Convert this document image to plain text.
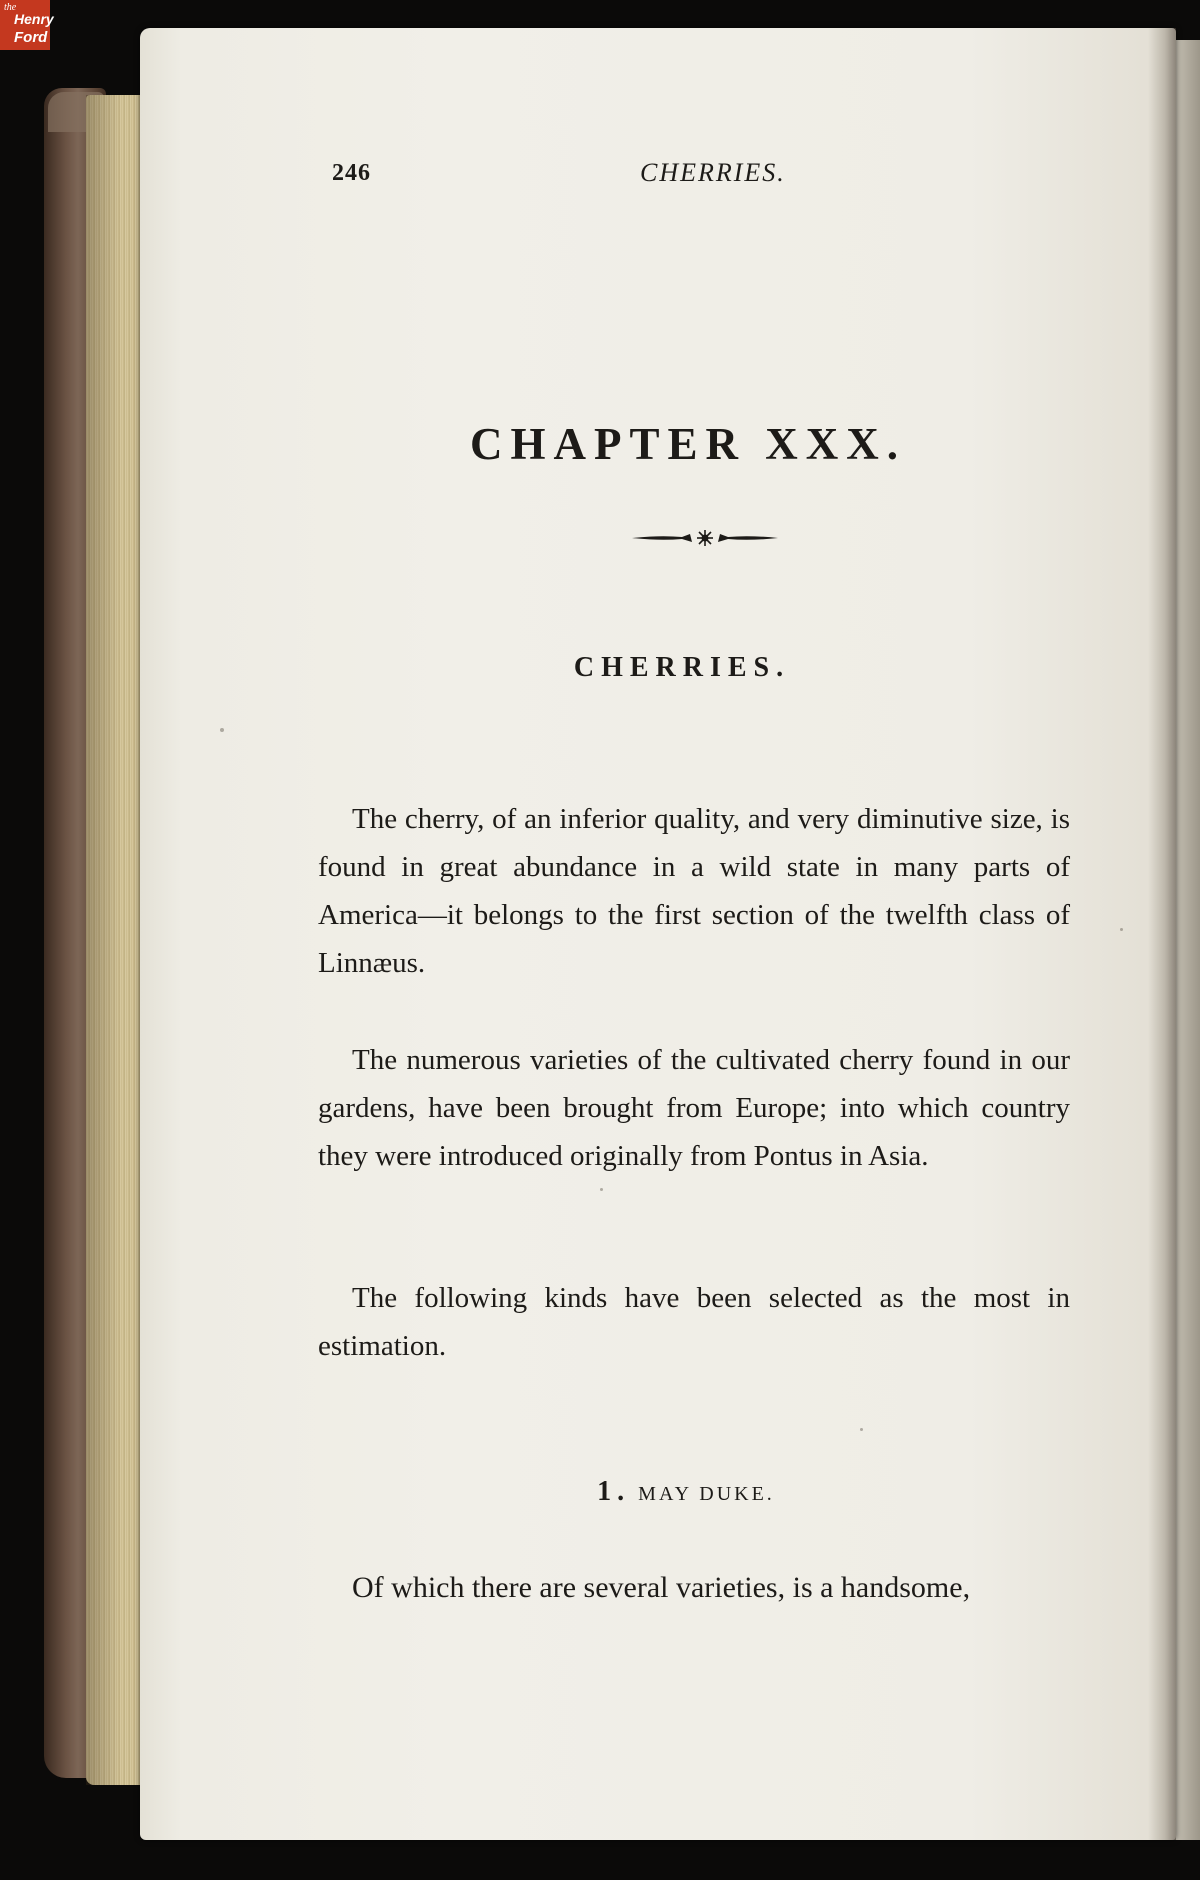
the
Henry
Ford

246	CHERRIES.

CHAPTER XXX.
CHERRIES.

The cherry, of an inferior quality, and very diminutive size, is found in great abundance in a wild state in many parts of America—it belongs to the first section of the twelfth class of Linnæus.

The numerous varieties of the cultivated cherry found in our gardens, have been brought from Europe; into which country they were introduced originally from Pontus in Asia.

The following kinds have been selected as the most in estimation.

1. MAY DUKE.

Of which there are several varieties, is a handsome,
